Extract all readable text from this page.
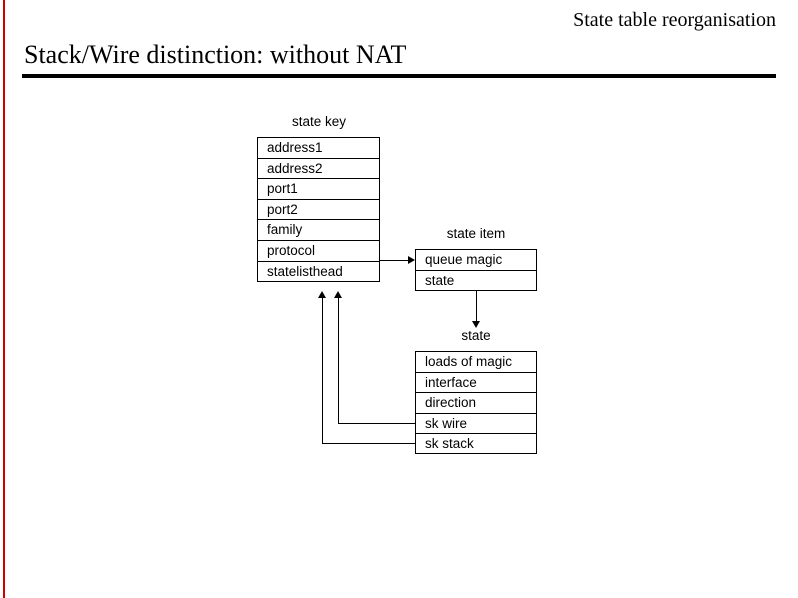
State table reorganisation
Stack/Wire distinction: without NAT
state key
address1
address2
port1
port2
family
protocol
statelisthead
state item
queue magic
state
state
loads of magic
interface
direction
sk wire
sk stack
